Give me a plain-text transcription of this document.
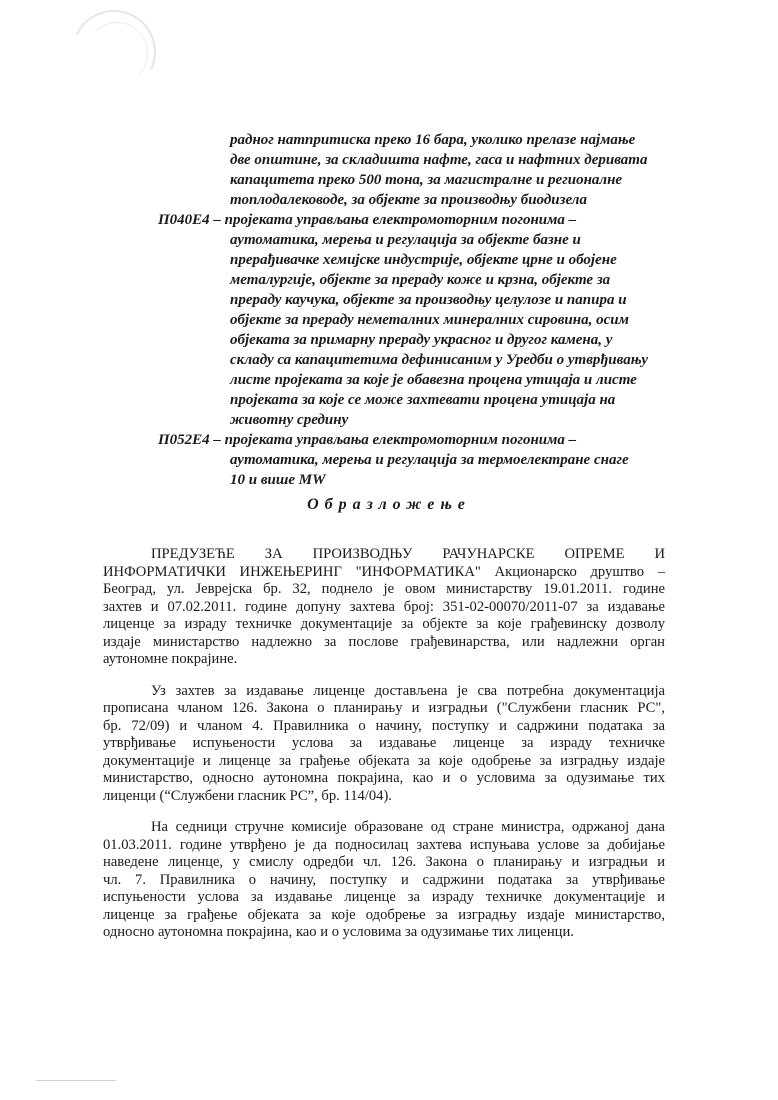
радног натпритиска преко 16 бара, уколико прелазе најмање
две општине, за складишта нафте, гаса и нафтних деривата
капацитета преко 500 тона, за магистралне и регионалне
топлодалеководе, за објекте за производњу биодизела
П040Е4 – пројеката управљања електромоторним погонима –
аутоматика, мерења и регулација за објекте базне и
прерађивачке хемијске индустрије, објекте црне и обојене
металургије, објекте за прераду коже и крзна, објекте за
прераду каучука, објекте за производњу целулозе и папира и
објекте за прераду неметалних минералних сировина, осим
објеката за примарну прераду украсног и другог камена, у
складу са капацитетима дефинисаним у Уредби о утврђивању
листе пројеката за које је обавезна процена утицаја и листе
пројеката за које се може захтевати процена утицаја на
животну средину
П052Е4 – пројеката управљања електромоторним погонима –
аутоматика, мерења и регулација за термоелектране снаге
10 и више MW
Образложење
ПРЕДУЗЕЋЕ ЗА ПРОИЗВОДЊУ РАЧУНАРСКЕ ОПРЕМЕ И
ИНФОРМАТИЧКИ ИНЖЕЊЕРИНГ "ИНФОРМАТИКА" Акционарско друштво –
Београд, ул. Јеврејска бр. 32, поднело је овом министарству 19.01.2011. године
захтев и 07.02.2011. године допуну захтева број: 351-02-00070/2011-07 за издавање
лиценце за израду техничке документације за објекте за које грађевинску дозволу
издаје министарство надлежно за послове грађевинарства, или надлежни орган
аутономне покрајине.
Уз захтев за издавање лиценце достављена је сва потребна документација
прописана чланом 126. Закона о планирању и изградњи ("Службени гласник РС",
бр. 72/09) и чланом 4. Правилника о начину, поступку и садржини података за
утврђивање испуњености услова за издавање лиценце за израду техничке
документације и лиценце за грађење објеката за које одобрење за изградњу издаје
министарство, односно аутономна покрајина, као и о условима за одузимање тих
лиценци (“Службени гласник РС”, бр. 114/04).
На седници стручне комисије образоване од стране министра, одржаној дана
01.03.2011. године утврђено је да подносилац захтева испуњава услове за добијање
наведене лиценце, у смислу одредби чл. 126. Закона о планирању и изградњи и
чл. 7. Правилника о начину, поступку и садржини података за утврђивање
испуњености услова за издавање лиценце за израду техничке документације и
лиценце за грађење објеката за које одобрење за изградњу издаје министарство,
односно аутономна покрајина, као и о условима за одузимање тих лиценци.
